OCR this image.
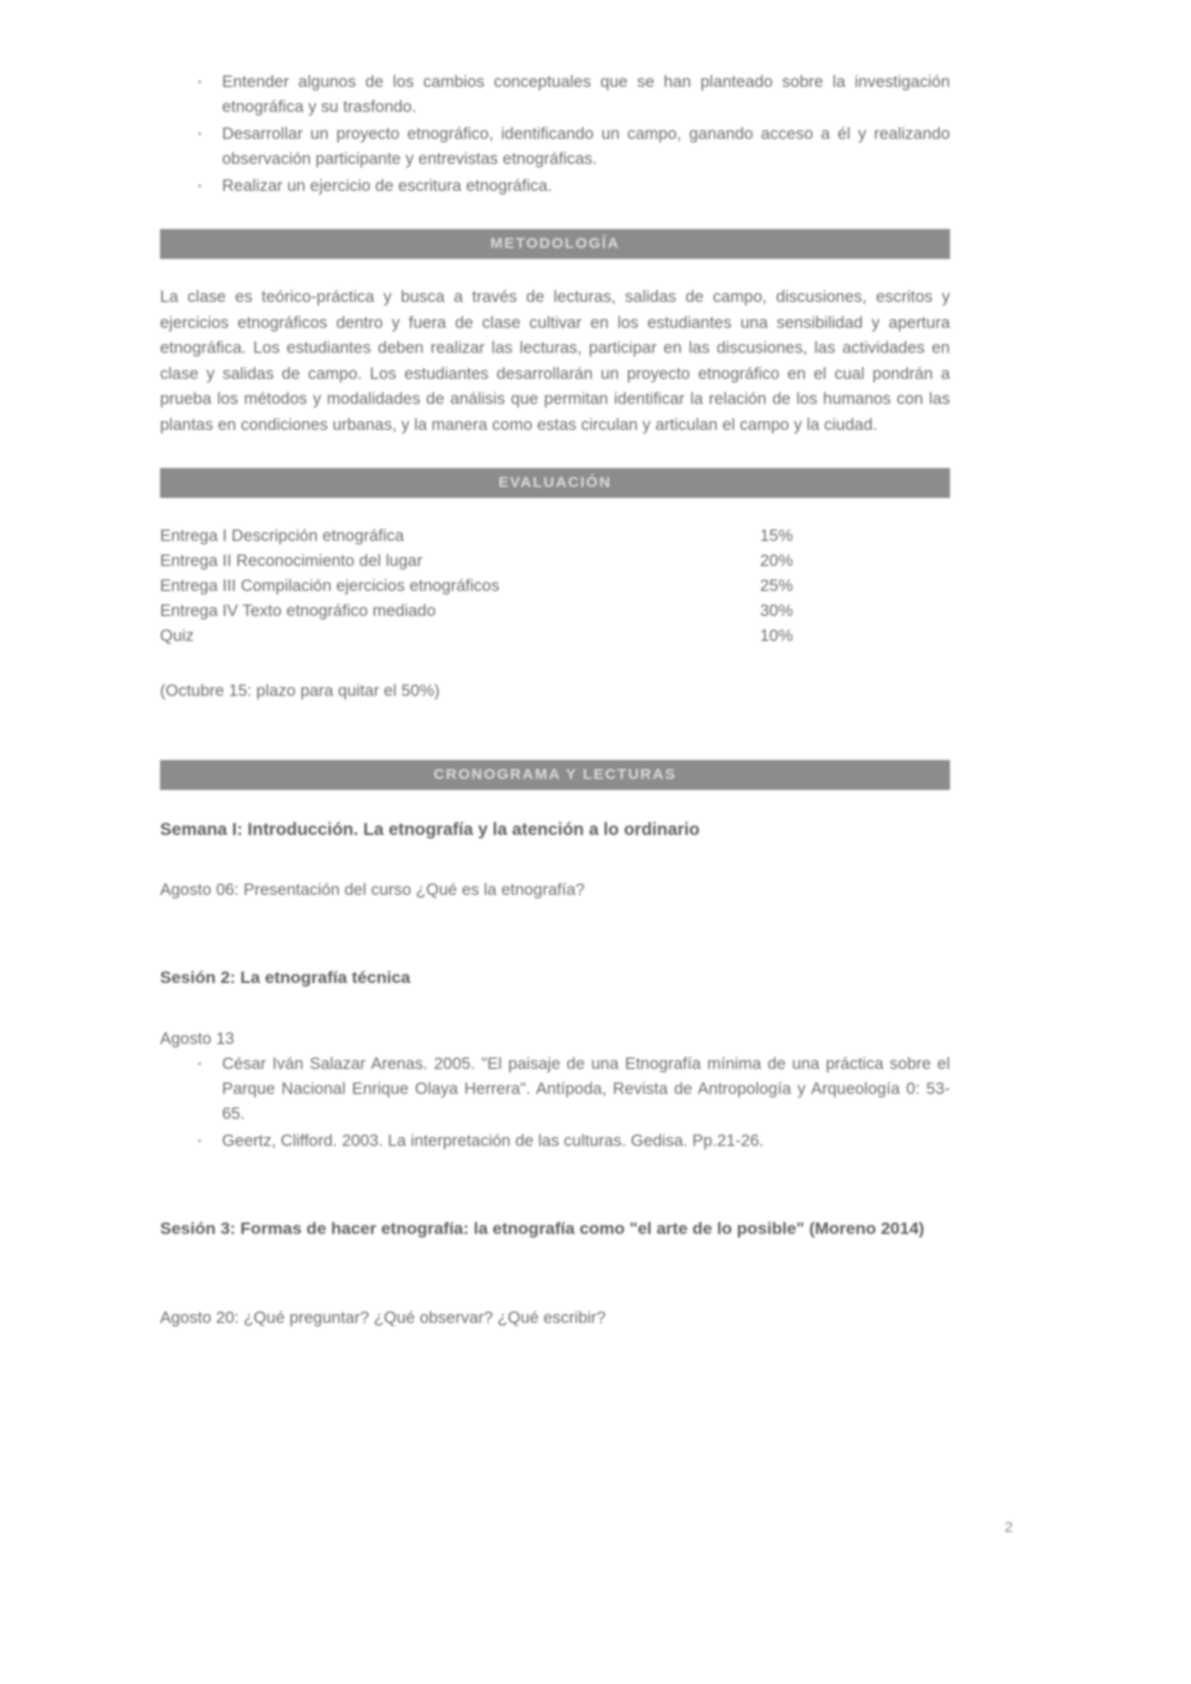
· Entender algunos de los cambios conceptuales que se han planteado sobre la investigación etnográfica y su trasfondo.
· Desarrollar un proyecto etnográfico, identificando un campo, ganando acceso a él y realizando observación participante y entrevistas etnográficas.
· Realizar un ejercicio de escritura etnográfica.
METODOLOGÍA

La clase es teórico-práctica y busca a través de lecturas, salidas de campo, discusiones, escritos y ejercicios etnográficos dentro y fuera de clase cultivar en los estudiantes una sensibilidad y apertura etnográfica. Los estudiantes deben realizar las lecturas, participar en las discusiones, las actividades en clase y salidas de campo. Los estudiantes desarrollarán un proyecto etnográfico en el cual pondrán a prueba los métodos y modalidades de análisis que permitan identificar la relación de los humanos con las plantas en condiciones urbanas, y la manera como estas circulan y articulan el campo y la ciudad.

EVALUACIÓN
Entrega I Descripción etnográfica	15%
Entrega II Reconocimiento del lugar	20%
Entrega III Compilación ejercicios etnográficos	25%
Entrega IV Texto etnográfico mediado	30%
Quiz	10%
(Octubre 15: plazo para quitar el 50%)
CRONOGRAMA Y LECTURAS
Semana I: Introducción. La etnografía y la atención a lo ordinario
Agosto 06: Presentación del curso ¿Qué es la etnografía?
Sesión 2: La etnografía técnica
Agosto 13
· César Iván Salazar Arenas. 2005. "El paisaje de una Etnografía mínima de una práctica sobre el Parque Nacional Enrique Olaya Herrera". Antípoda, Revista de Antropología y Arqueología 0: 53-65.
· Geertz, Clifford. 2003. La interpretación de las culturas. Gedisa. Pp.21-26.
Sesión 3: Formas de hacer etnografía: la etnografía como "el arte de lo posible" (Moreno 2014)
Agosto 20: ¿Qué preguntar? ¿Qué observar? ¿Qué escribir?
2
